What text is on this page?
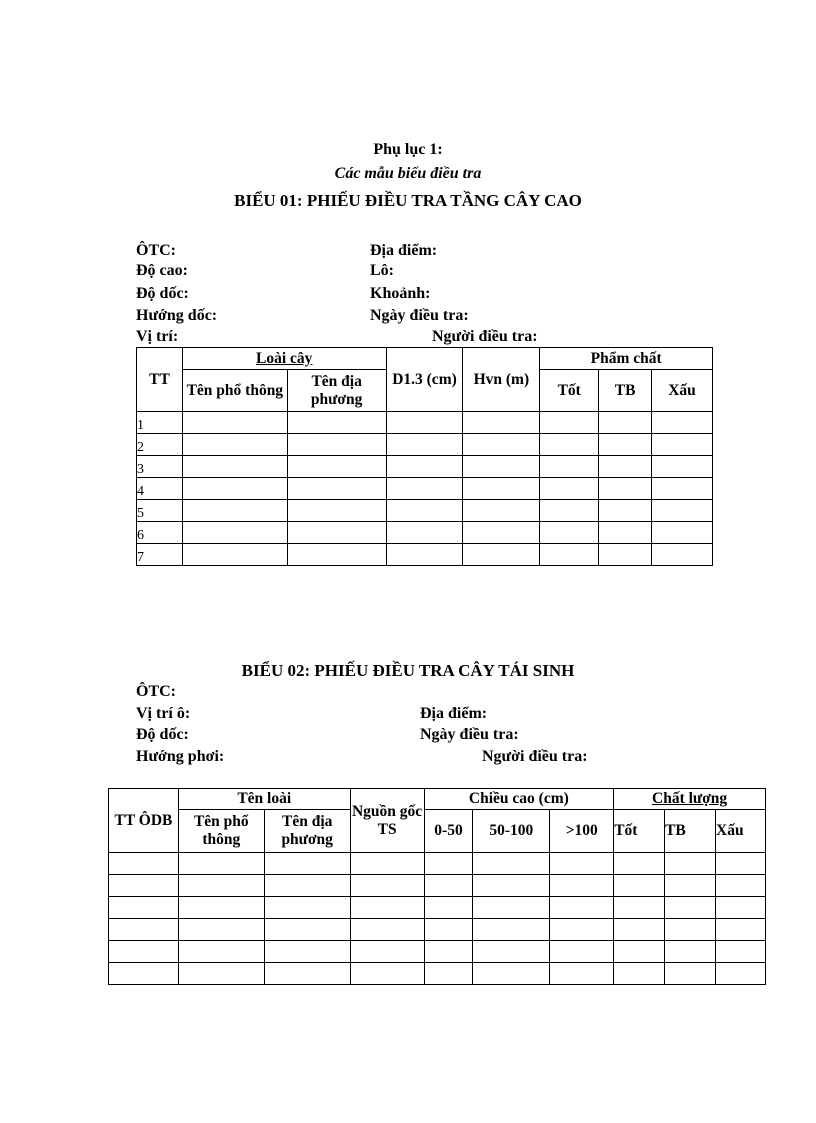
Phụ lục 1:
Các mẫu biểu điều tra
BIỂU 01: PHIẾU ĐIỀU TRA TẦNG CÂY CAO
ÔTC:
Độ cao:
Độ dốc:
Hướng dốc:
Vị trí:
Địa điểm:
Lô:
Khoảnh:
Ngày điều tra:
Người điều tra:
TT	Loài cây		D1.3 (cm)	Hvn (m)	Phẩm chất		
	Tên phổ thông	Tên địa phương			Tốt	TB	Xấu
1							
2							
3							
4							
5							
6							
7							
BIỂU 02: PHIẾU ĐIỀU TRA CÂY TÁI SINH
ÔTC:
Vị trí ô:
Độ dốc:
Hướng phơi:
Địa điểm:
Ngày điều tra:
Người điều tra:
TT ÔDB	Tên loài		Nguồn gốc TS	Chiều cao (cm)			Chất lượng		
	Tên phổ thông	Tên địa phương		0-50	50-100	>100	Tốt	TB	Xấu
